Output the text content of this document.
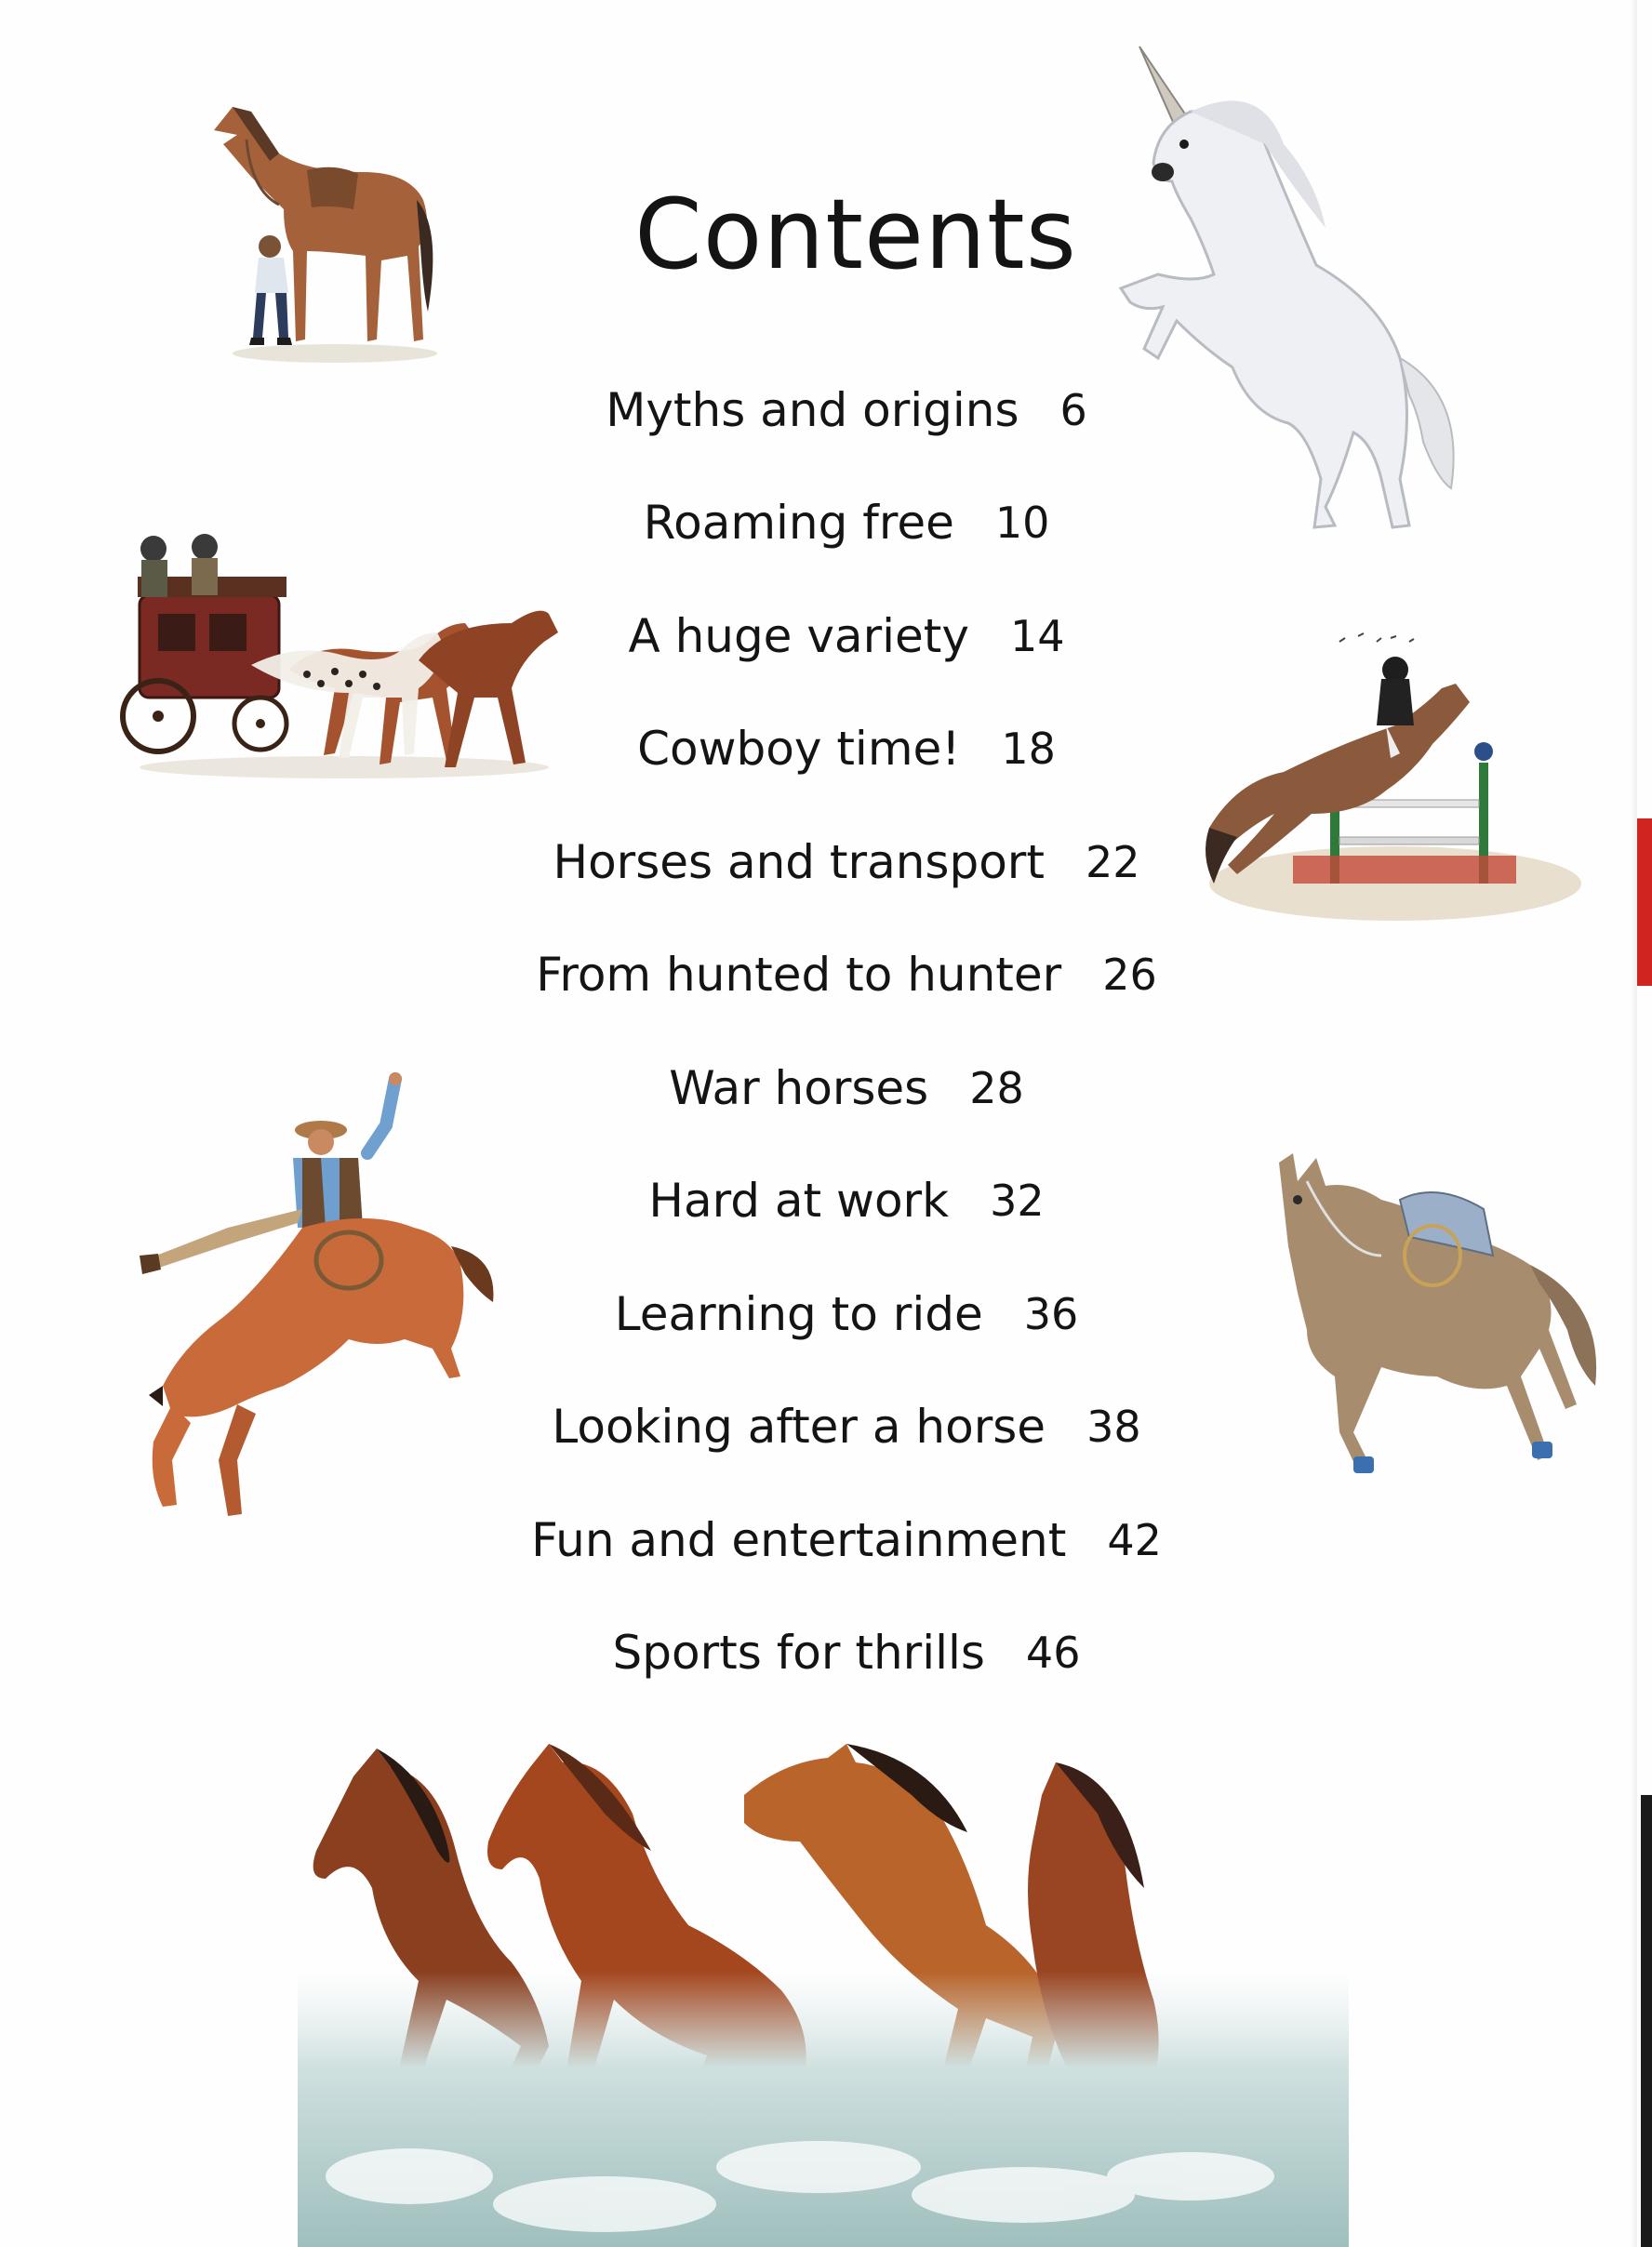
Contents
Myths and origins 6
Roaming free 10
A huge variety 14
Cowboy time! 18
Horses and transport 22
From hunted to hunter 26
War horses 28
Hard at work 32
Learning to ride 36
Looking after a horse 38
Fun and entertainment 42
Sports for thrills 46
